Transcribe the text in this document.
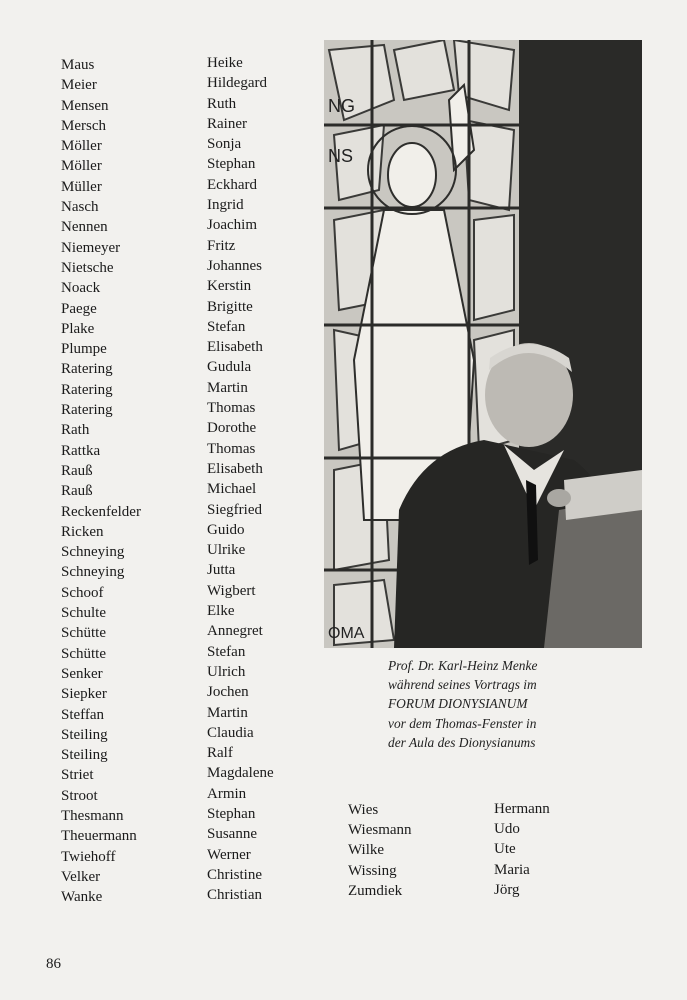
Maus
Meier
Mensen
Mersch
Möller
Möller
Müller
Nasch
Nennen
Niemeyer
Nietsche
Noack
Paege
Plake
Plumpe
Ratering
Ratering
Ratering
Rath
Rattka
Rauß
Rauß
Reckenfelder
Ricken
Schneying
Schneying
Schoof
Schulte
Schütte
Schütte
Senker
Siepker
Steffan
Steiling
Steiling
Striet
Stroot
Thesmann
Theuermann
Twiehoff
Velker
Wanke
Heike
Hildegard
Ruth
Rainer
Sonja
Stephan
Eckhard
Ingrid
Joachim
Fritz
Johannes
Kerstin
Brigitte
Stefan
Elisabeth
Gudula
Martin
Thomas
Dorothe
Thomas
Elisabeth
Michael
Siegfried
Guido
Ulrike
Jutta
Wigbert
Elke
Annegret
Stefan
Ulrich
Jochen
Martin
Claudia
Ralf
Magdalene
Armin
Stephan
Susanne
Werner
Christine
Christian
NG
NS
OMA
Prof. Dr. Karl-Heinz Menke
während seines Vortrags im
FORUM DIONYSIANUM
vor dem Thomas-Fenster in
der Aula des Dionysianums
Wies
Wiesmann
Wilke
Wissing
Zumdiek
Hermann
Udo
Ute
Maria
Jörg
86
